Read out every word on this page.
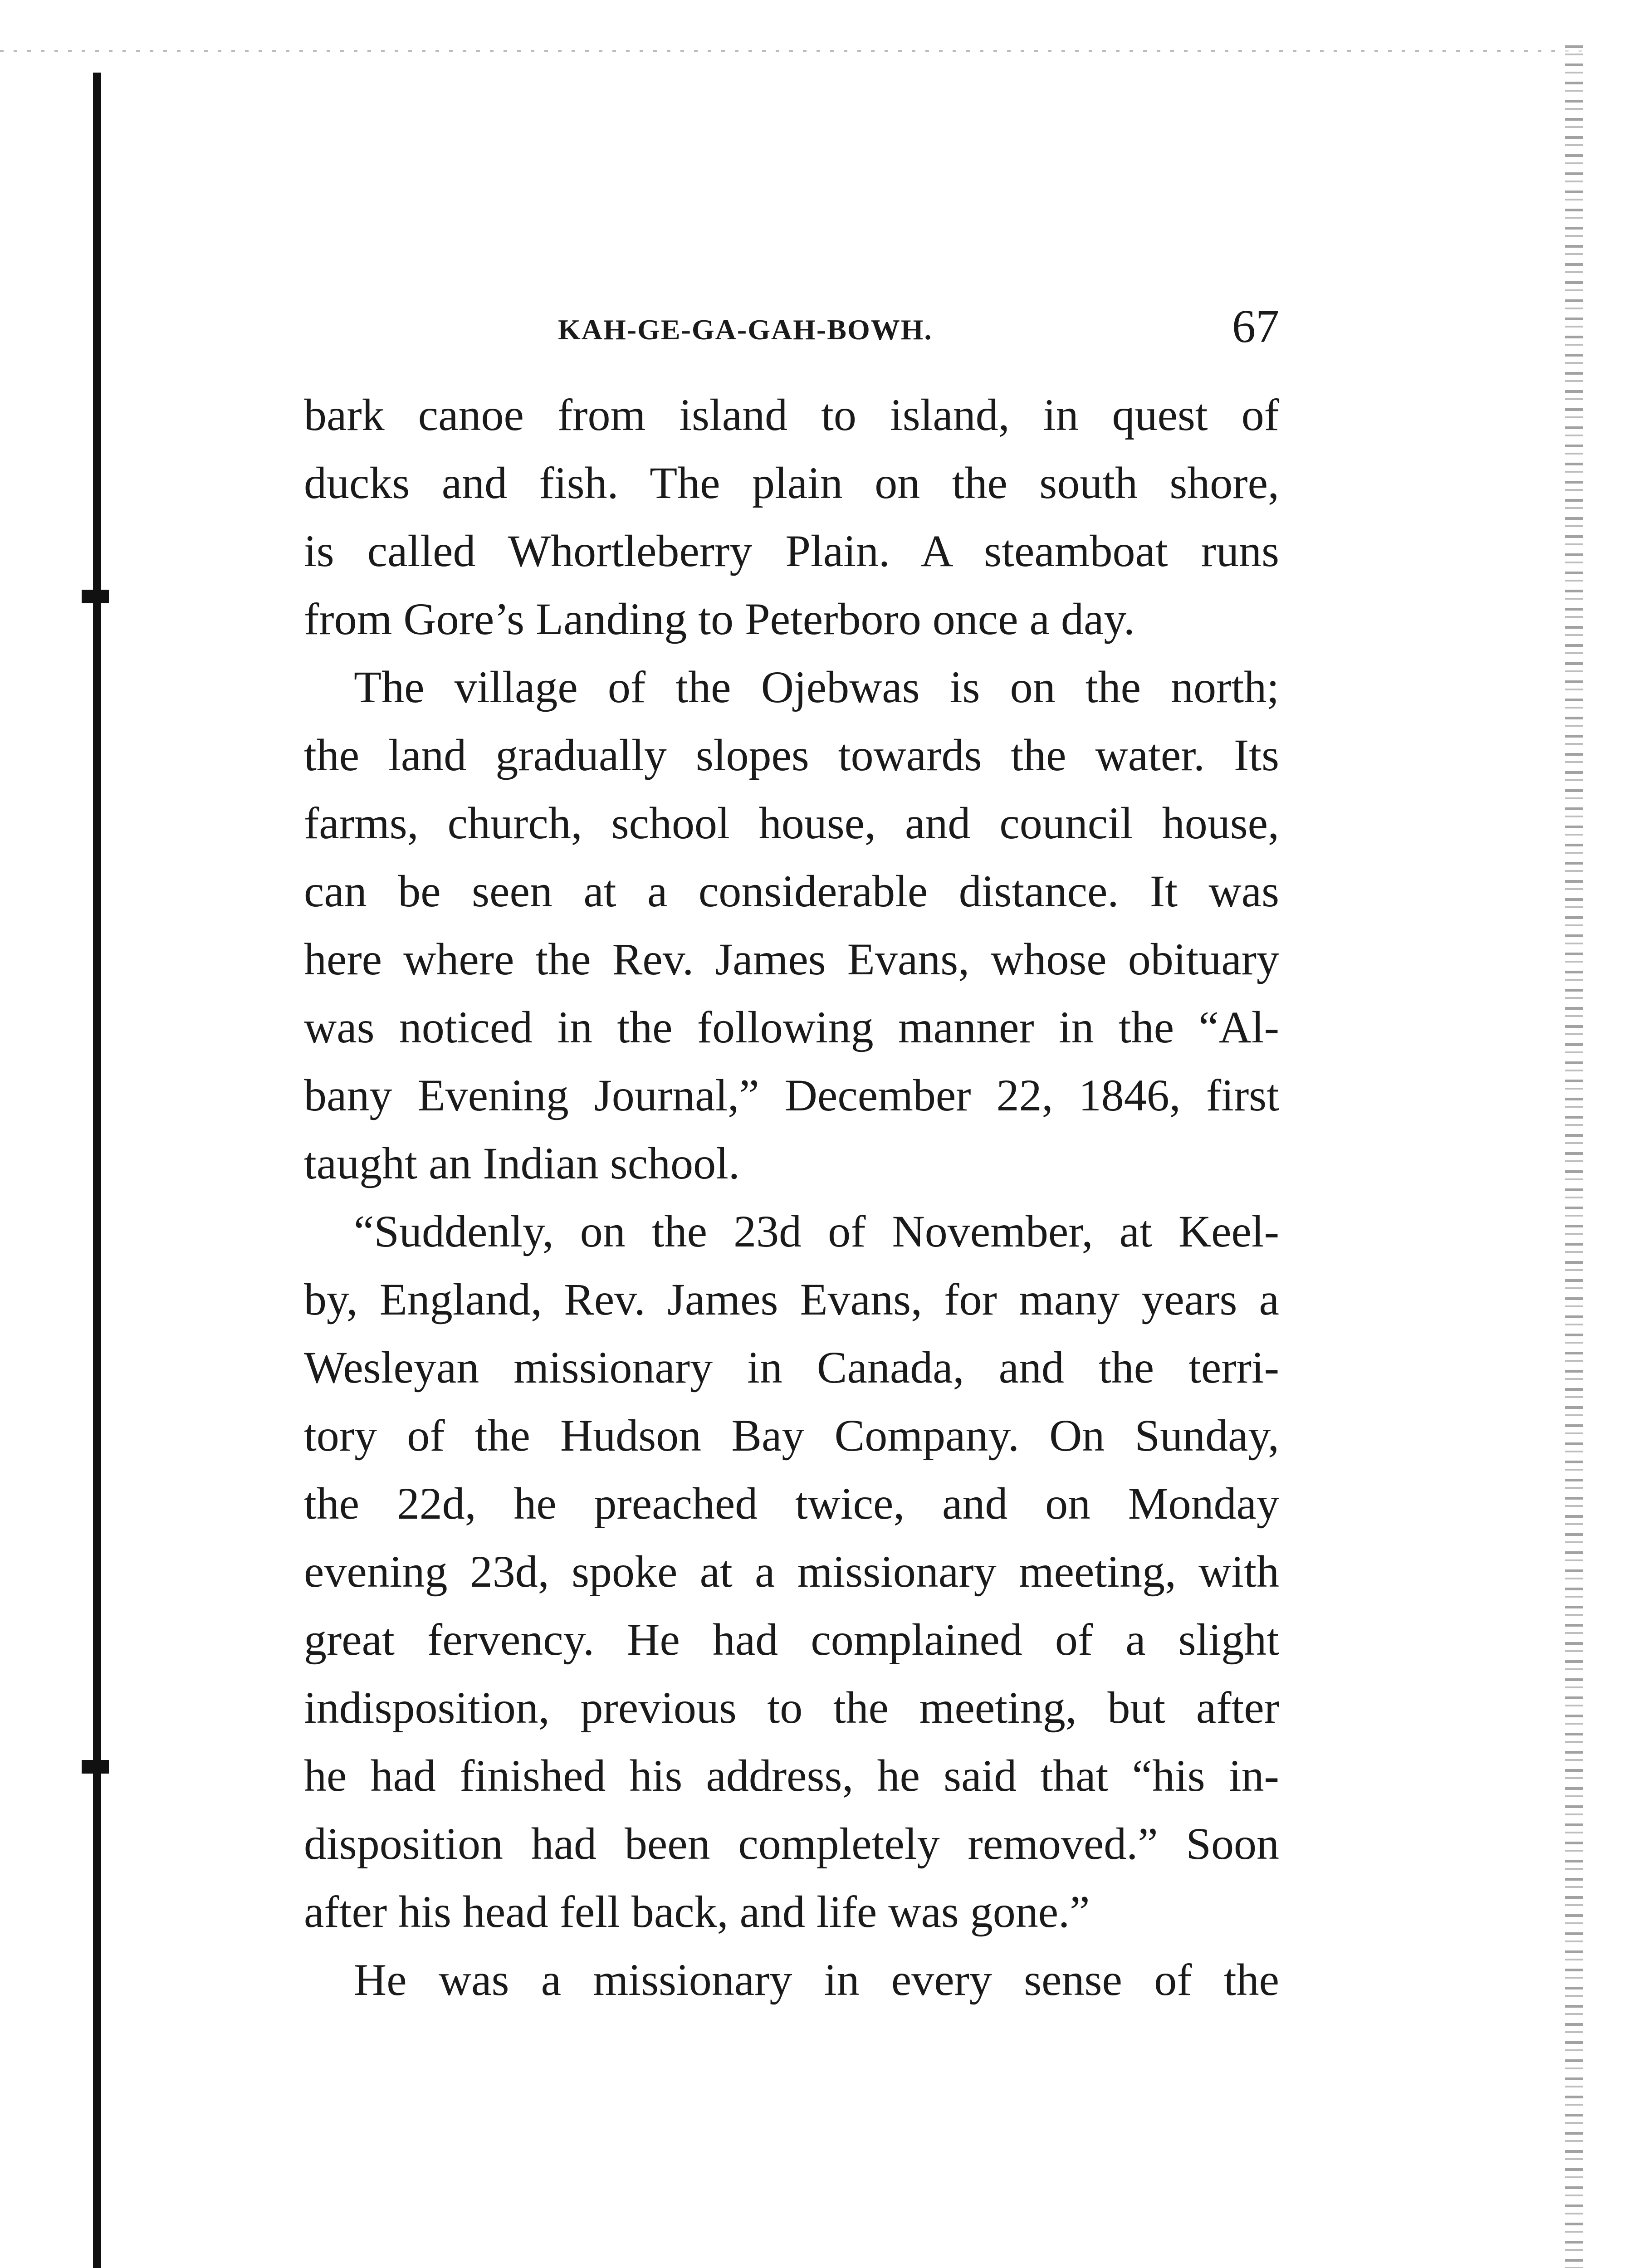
KAH-GE-GA-GAH-BOWH.	67
bark canoe from island to island, in quest of
ducks and fish. The plain on the south shore,
is called Whortleberry Plain. A steamboat runs
from Gore’s Landing to Peterboro once a day.
The village of the Ojebwas is on the north;
the land gradually slopes towards the water. Its
farms, church, school house, and council house,
can be seen at a considerable distance. It was
here where the Rev. James Evans, whose obituary
was noticed in the following manner in the “Al-
bany Evening Journal,” December 22, 1846, first
taught an Indian school.
“Suddenly, on the 23d of November, at Keel-
by, England, Rev. James Evans, for many years a
Wesleyan missionary in Canada, and the terri-
tory of the Hudson Bay Company. On Sunday,
the 22d, he preached twice, and on Monday
evening 23d, spoke at a missionary meeting, with
great fervency. He had complained of a slight
indisposition, previous to the meeting, but after
he had finished his address, he said that “his in-
disposition had been completely removed.” Soon
after his head fell back, and life was gone.”
He was a missionary in every sense of the
